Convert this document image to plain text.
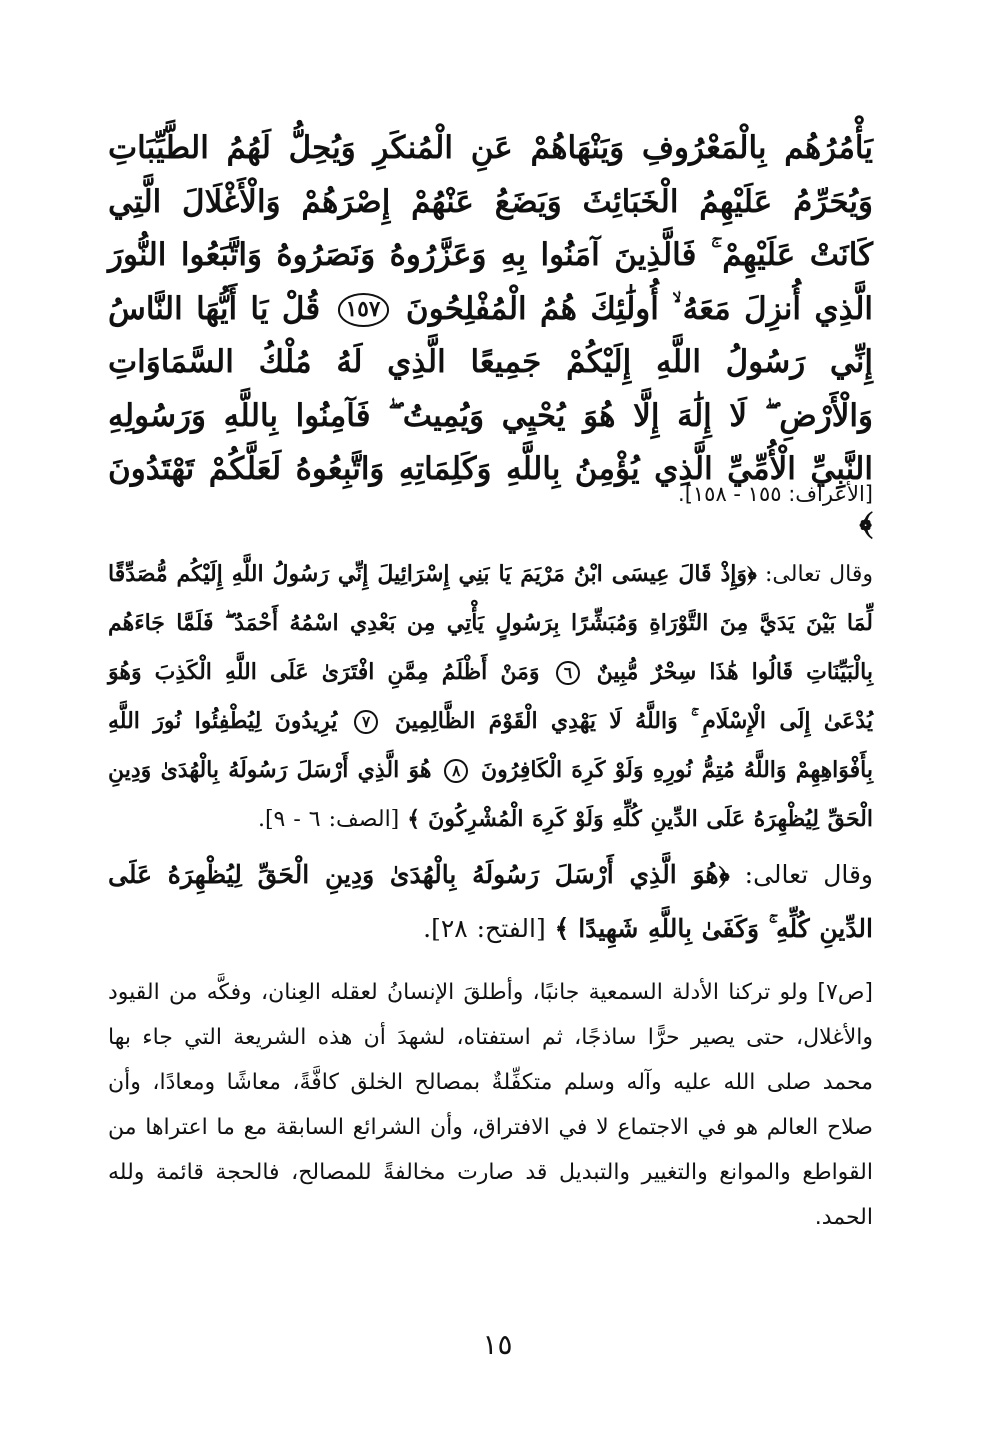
يَأْمُرُهُم بِالْمَعْرُوفِ وَيَنْهَاهُمْ عَنِ الْمُنكَرِ وَيُحِلُّ لَهُمُ الطَّيِّبَاتِ وَيُحَرِّمُ عَلَيْهِمُ الْخَبَائِثَ وَيَضَعُ عَنْهُمْ إِصْرَهُمْ وَالْأَغْلَالَ الَّتِي كَانَتْ عَلَيْهِمْ ۚ فَالَّذِينَ آمَنُوا بِهِ وَعَزَّرُوهُ وَنَصَرُوهُ وَاتَّبَعُوا النُّورَ الَّذِي أُنزِلَ مَعَهُ ۙ أُولَٰئِكَ هُمُ الْمُفْلِحُونَ ١٥٧ قُلْ يَا أَيُّهَا النَّاسُ إِنِّي رَسُولُ اللَّهِ إِلَيْكُمْ جَمِيعًا الَّذِي لَهُ مُلْكُ السَّمَاوَاتِ وَالْأَرْضِ ۖ لَا إِلَٰهَ إِلَّا هُوَ يُحْيِي وَيُمِيتُ ۖ فَآمِنُوا بِاللَّهِ وَرَسُولِهِ النَّبِيِّ الْأُمِّيِّ الَّذِي يُؤْمِنُ بِاللَّهِ وَكَلِمَاتِهِ وَاتَّبِعُوهُ لَعَلَّكُمْ تَهْتَدُونَ ﴾
[الأعراف: ١٥٥ - ١٥٨].
وقال تعالى: ﴿وَإِذْ قَالَ عِيسَى ابْنُ مَرْيَمَ يَا بَنِي إِسْرَائِيلَ إِنِّي رَسُولُ اللَّهِ إِلَيْكُم مُّصَدِّقًا لِّمَا بَيْنَ يَدَيَّ مِنَ التَّوْرَاةِ وَمُبَشِّرًا بِرَسُولٍ يَأْتِي مِن بَعْدِي اسْمُهُ أَحْمَدُ ۖ فَلَمَّا جَاءَهُم بِالْبَيِّنَاتِ قَالُوا هَٰذَا سِحْرٌ مُّبِينٌ ٦ وَمَنْ أَظْلَمُ مِمَّنِ افْتَرَىٰ عَلَى اللَّهِ الْكَذِبَ وَهُوَ يُدْعَىٰ إِلَى الْإِسْلَامِ ۚ وَاللَّهُ لَا يَهْدِي الْقَوْمَ الظَّالِمِينَ ٧ يُرِيدُونَ لِيُطْفِئُوا نُورَ اللَّهِ بِأَفْوَاهِهِمْ وَاللَّهُ مُتِمُّ نُورِهِ وَلَوْ كَرِهَ الْكَافِرُونَ ٨ هُوَ الَّذِي أَرْسَلَ رَسُولَهُ بِالْهُدَىٰ وَدِينِ الْحَقِّ لِيُظْهِرَهُ عَلَى الدِّينِ كُلِّهِ وَلَوْ كَرِهَ الْمُشْرِكُونَ ﴾ [الصف: ٦ - ٩].
وقال تعالى: ﴿هُوَ الَّذِي أَرْسَلَ رَسُولَهُ بِالْهُدَىٰ وَدِينِ الْحَقِّ لِيُظْهِرَهُ عَلَى الدِّينِ كُلِّهِ ۚ وَكَفَىٰ بِاللَّهِ شَهِيدًا ﴾ [الفتح: ٢٨].
[ص٧] ولو تركنا الأدلة السمعية جانبًا، وأطلقَ الإنسانُ لعقله العِنان، وفكَّه من القيود والأغلال، حتى يصير حرًّا ساذجًا، ثم استفتاه، لشهدَ أن هذه الشريعة التي جاء بها محمد صلى الله عليه وآله وسلم متكفِّلةٌ بمصالح الخلق كافَّةً، معاشًا ومعادًا، وأن صلاح العالم هو في الاجتماع لا في الافتراق، وأن الشرائع السابقة مع ما اعتراها من القواطع والموانع والتغيير والتبديل قد صارت مخالفةً للمصالح، فالحجة قائمة ولله الحمد.
١٥
